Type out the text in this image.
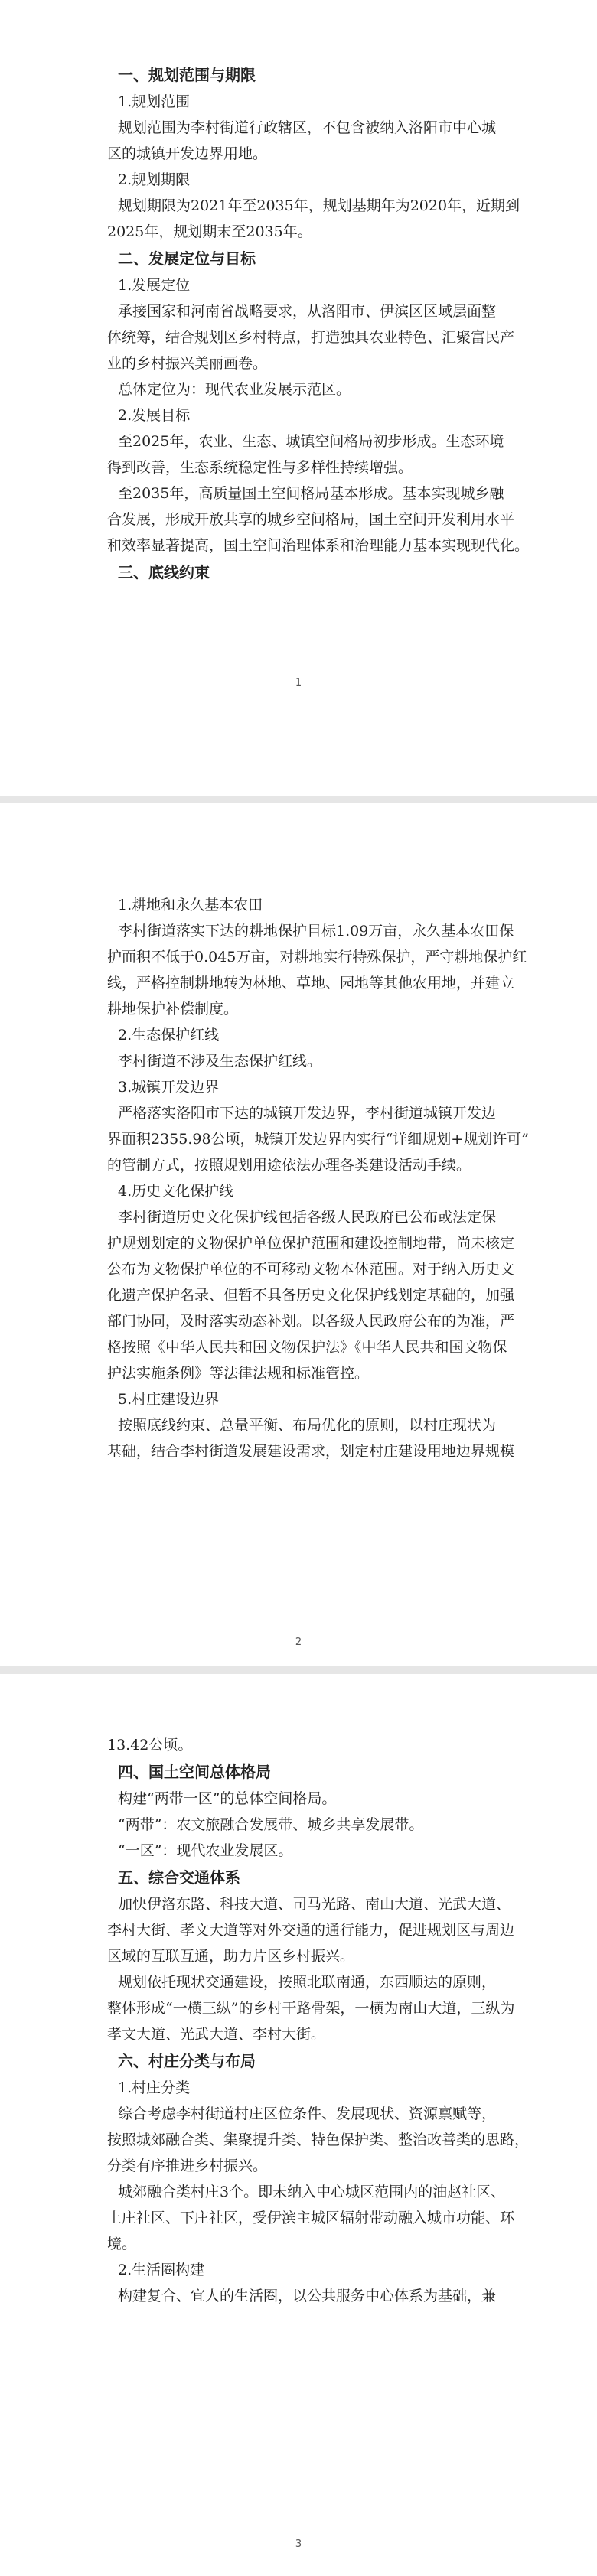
一、规划范围与期限
1.规划范围
规划范围为李村街道行政辖区，不包含被纳入洛阳市中心城
区的城镇开发边界用地。
2.规划期限
规划期限为2021年至2035年，规划基期年为2020年，近期到
2025年，规划期末至2035年。
二、发展定位与目标
1.发展定位
承接国家和河南省战略要求，从洛阳市、伊滨区区域层面整
体统筹，结合规划区乡村特点，打造独具农业特色、汇聚富民产
业的乡村振兴美丽画卷。
总体定位为：现代农业发展示范区。
2.发展目标
至2025年，农业、生态、城镇空间格局初步形成。生态环境
得到改善，生态系统稳定性与多样性持续增强。
至2035年，高质量国土空间格局基本形成。基本实现城乡融
合发展，形成开放共享的城乡空间格局，国土空间开发利用水平
和效率显著提高，国土空间治理体系和治理能力基本实现现代化。
三、底线约束
1
1.耕地和永久基本农田
李村街道落实下达的耕地保护目标1.09万亩，永久基本农田保
护面积不低于0.045万亩，对耕地实行特殊保护，严守耕地保护红
线，严格控制耕地转为林地、草地、园地等其他农用地，并建立
耕地保护补偿制度。
2.生态保护红线
李村街道不涉及生态保护红线。
3.城镇开发边界
严格落实洛阳市下达的城镇开发边界，李村街道城镇开发边
界面积2355.98公顷，城镇开发边界内实行“详细规划+规划许可”
的管制方式，按照规划用途依法办理各类建设活动手续。
4.历史文化保护线
李村街道历史文化保护线包括各级人民政府已公布或法定保
护规划划定的文物保护单位保护范围和建设控制地带，尚未核定
公布为文物保护单位的不可移动文物本体范围。对于纳入历史文
化遗产保护名录、但暂不具备历史文化保护线划定基础的，加强
部门协同，及时落实动态补划。以各级人民政府公布的为准，严
格按照《中华人民共和国文物保护法》《中华人民共和国文物保
护法实施条例》等法律法规和标准管控。
5.村庄建设边界
按照底线约束、总量平衡、布局优化的原则，以村庄现状为
基础，结合李村街道发展建设需求，划定村庄建设用地边界规模
2
13.42公顷。
四、国土空间总体格局
构建“两带一区”的总体空间格局。
“两带”：农文旅融合发展带、城乡共享发展带。
“一区”：现代农业发展区。
五、综合交通体系
加快伊洛东路、科技大道、司马光路、南山大道、光武大道、
李村大街、孝文大道等对外交通的通行能力，促进规划区与周边
区域的互联互通，助力片区乡村振兴。
规划依托现状交通建设，按照北联南通，东西顺达的原则，
整体形成“一横三纵”的乡村干路骨架，一横为南山大道，三纵为
孝文大道、光武大道、李村大街。
六、村庄分类与布局
1.村庄分类
综合考虑李村街道村庄区位条件、发展现状、资源禀赋等，
按照城郊融合类、集聚提升类、特色保护类、整治改善类的思路，
分类有序推进乡村振兴。
城郊融合类村庄3个。即未纳入中心城区范围内的油赵社区、
上庄社区、下庄社区，受伊滨主城区辐射带动融入城市功能、环
境。
2.生活圈构建
构建复合、宜人的生活圈，以公共服务中心体系为基础，兼
3
